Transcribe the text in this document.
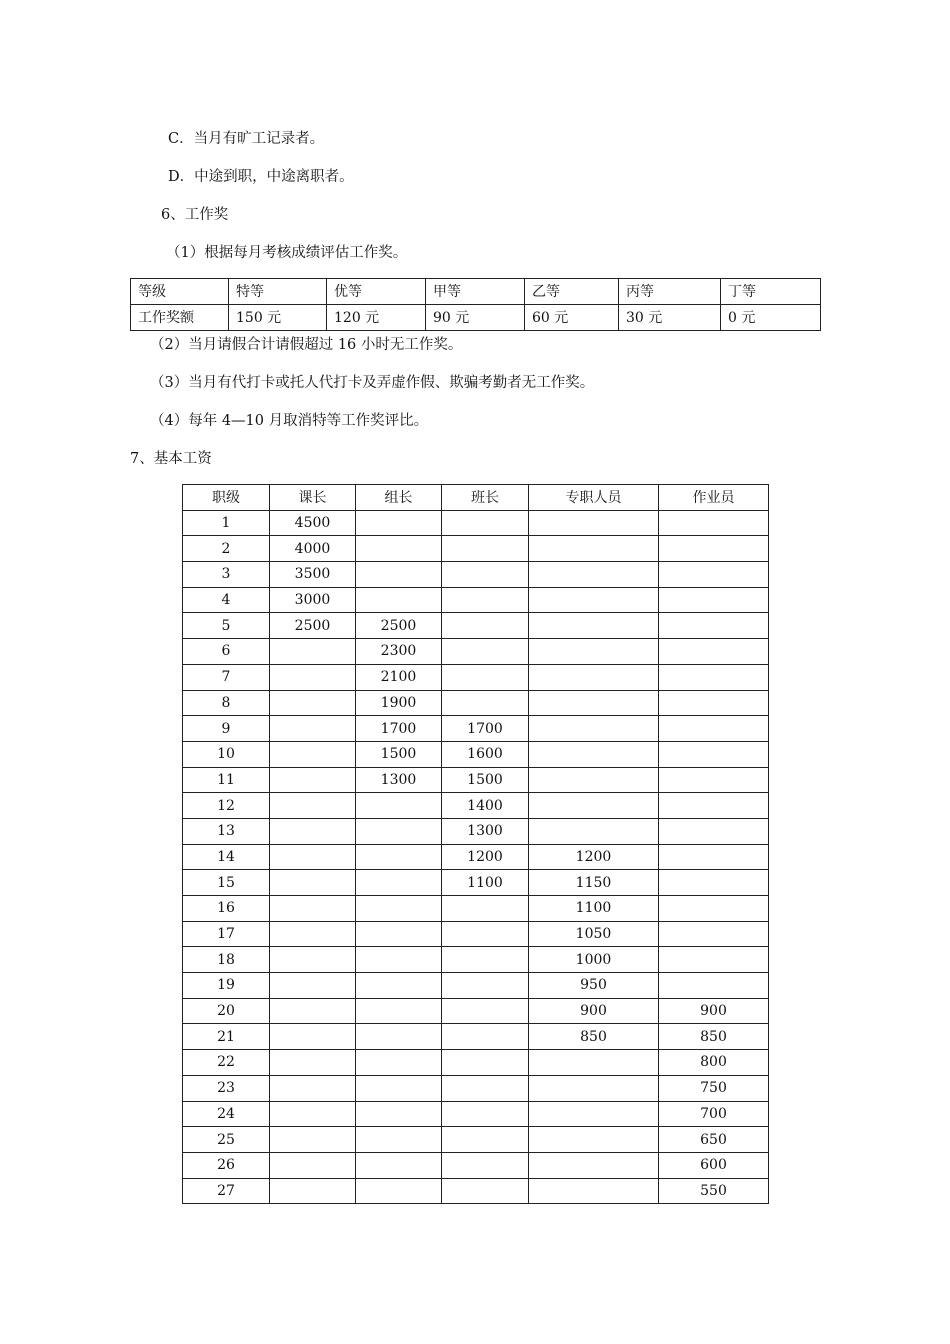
C．当月有旷工记录者。
D．中途到职，中途离职者。
6、工作奖
（1）根据每月考核成绩评估工作奖。
等级	特等	优等	甲等	乙等	丙等	丁等
工作奖额	150 元	120 元	90 元	60 元	30 元	0 元
（2）当月请假合计请假超过 16 小时无工作奖。
（3）当月有代打卡或托人代打卡及弄虚作假、欺骗考勤者无工作奖。
（4）每年 4—10 月取消特等工作奖评比。
7、基本工资
职级	课长	组长	班长	专职人员	作业员
1	4500				
2	4000				
3	3500				
4	3000				
5	2500	2500			
6		2300			
7		2100			
8		1900			
9		1700	1700		
10		1500	1600		
11		1300	1500		
12			1400		
13			1300		
14			1200	1200	
15			1100	1150	
16				1100	
17				1050	
18				1000	
19				950	
20				900	900
21				850	850
22					800
23					750
24					700
25					650
26					600
27					550
